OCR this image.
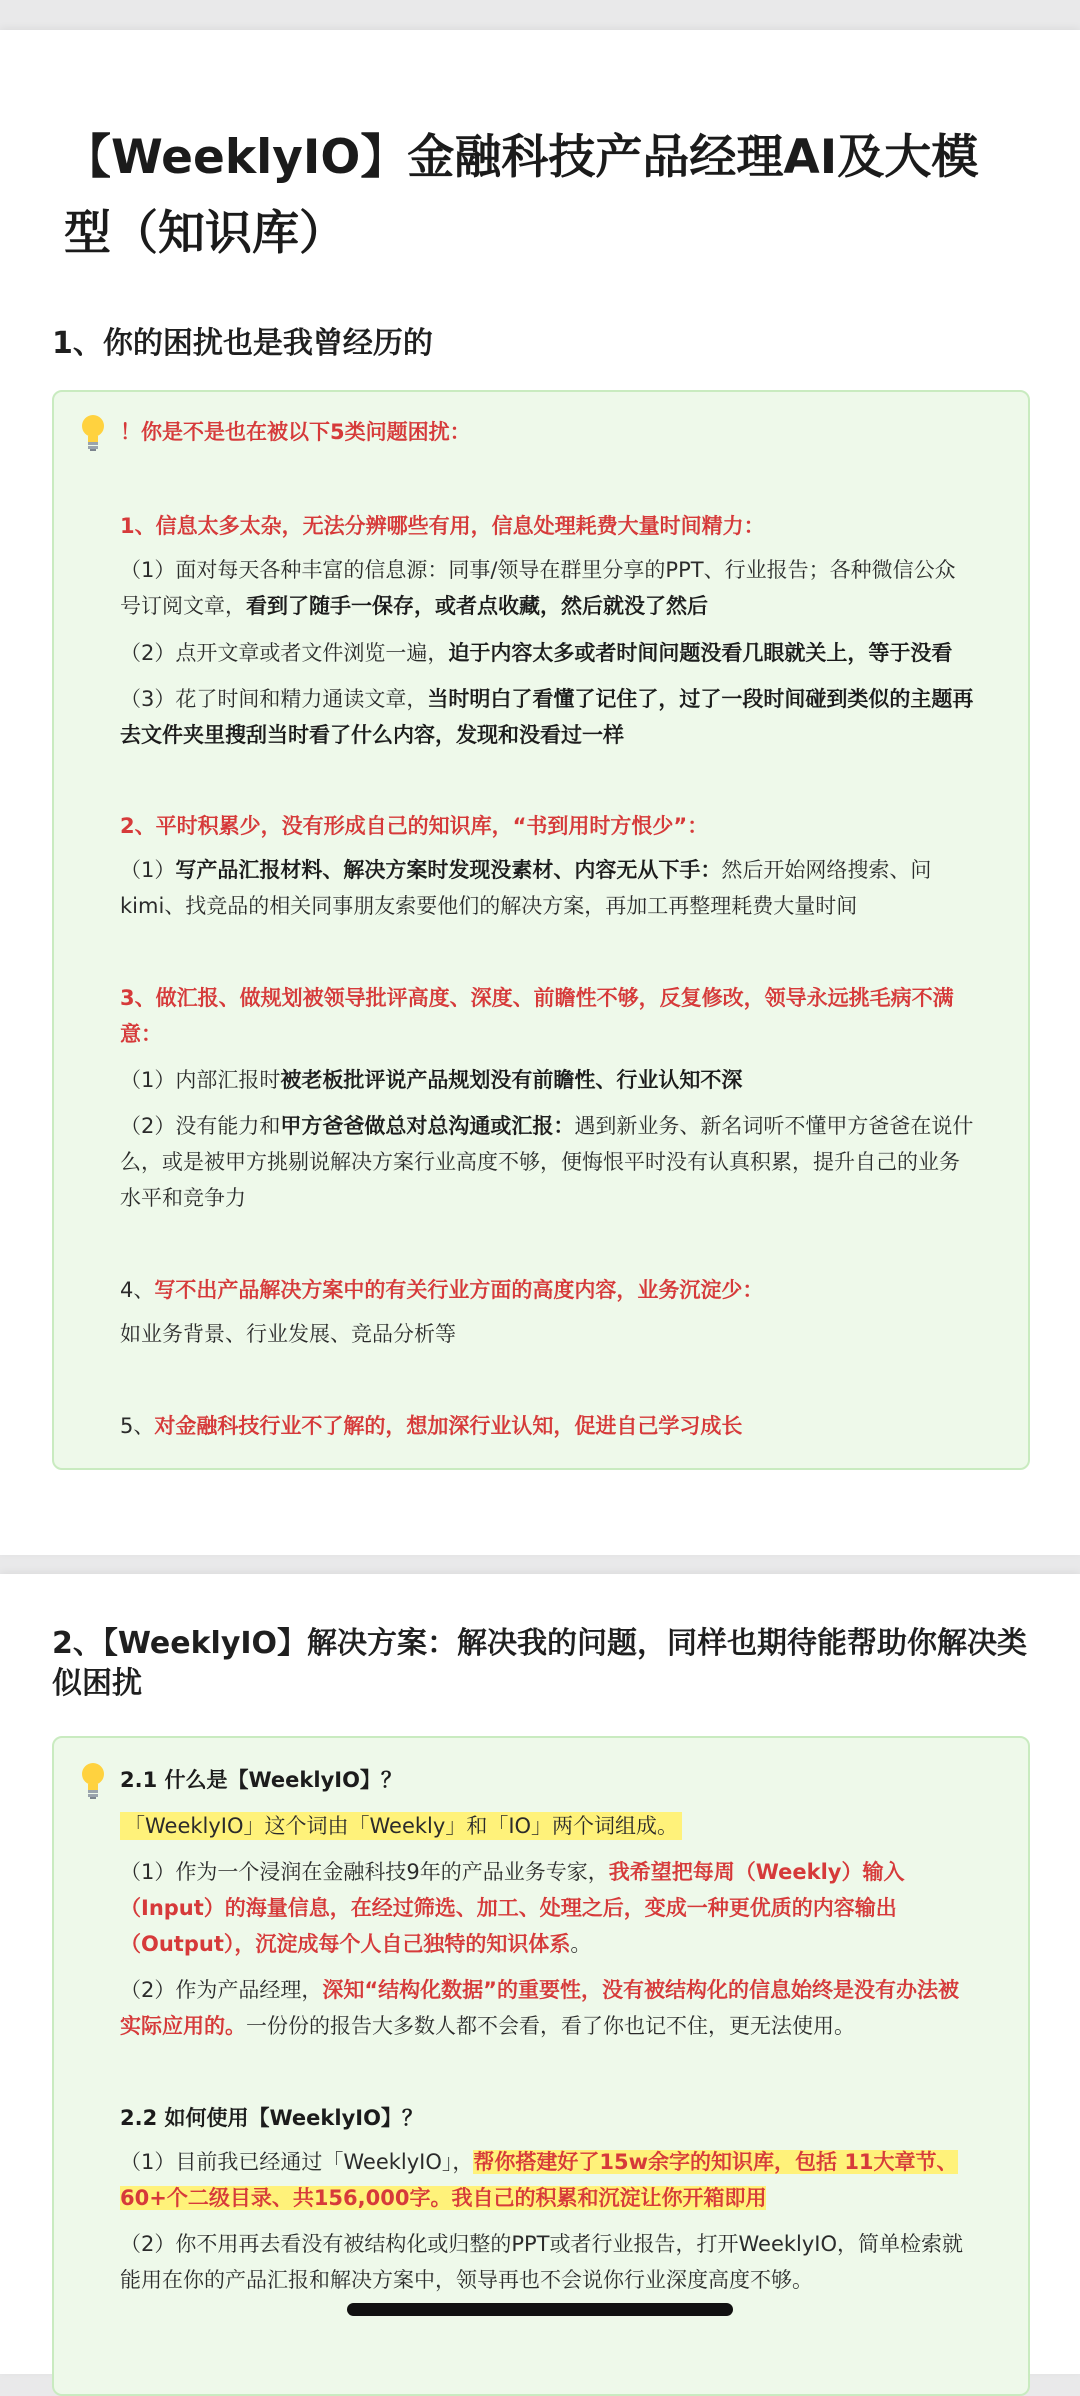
【WeeklyIO】金融科技产品经理AI及大模型（知识库）
1、你的困扰也是我曾经历的
！你是不是也在被以下5类问题困扰：
1、信息太多太杂，无法分辨哪些有用，信息处理耗费大量时间精力：
（1）面对每天各种丰富的信息源：同事/领导在群里分享的PPT、行业报告；各种微信公众
号订阅文章，看到了随手一保存，或者点收藏，然后就没了然后
（2）点开文章或者文件浏览一遍，迫于内容太多或者时间问题没看几眼就关上，等于没看
（3）花了时间和精力通读文章，当时明白了看懂了记住了，过了一段时间碰到类似的主题再
去文件夹里搜刮当时看了什么内容，发现和没看过一样
2、平时积累少，没有形成自己的知识库，“书到用时方恨少”：
（1）写产品汇报材料、解决方案时发现没素材、内容无从下手：然后开始网络搜索、问
kimi、找竞品的相关同事朋友索要他们的解决方案，再加工再整理耗费大量时间
3、做汇报、做规划被领导批评高度、深度、前瞻性不够，反复修改，领导永远挑毛病不满
意：
（1）内部汇报时被老板批评说产品规划没有前瞻性、行业认知不深
（2）没有能力和甲方爸爸做总对总沟通或汇报：遇到新业务、新名词听不懂甲方爸爸在说什
么，或是被甲方挑剔说解决方案行业高度不够，便悔恨平时没有认真积累，提升自己的业务
水平和竞争力
4、写不出产品解决方案中的有关行业方面的高度内容，业务沉淀少：
如业务背景、行业发展、竞品分析等
5、对金融科技行业不了解的，想加深行业认知，促进自己学习成长
2、【WeeklyIO】解决方案：解决我的问题，同样也期待能帮助你解决类
似困扰
2.1 什么是【WeeklyIO】？
「WeeklyIO」这个词由「Weekly」和「IO」两个词组成。
（1）作为一个浸润在金融科技9年的产品业务专家，我希望把每周（Weekly）输入
（Input）的海量信息，在经过筛选、加工、处理之后，变成一种更优质的内容输出
（Output），沉淀成每个人自己独特的知识体系。
（2）作为产品经理，深知“结构化数据”的重要性，没有被结构化的信息始终是没有办法被
实际应用的。一份份的报告大多数人都不会看，看了你也记不住，更无法使用。
2.2 如何使用【WeeklyIO】？
（1）目前我已经通过「WeeklyIO」，帮你搭建好了15w余字的知识库，包括 11大章节、
60+个二级目录、共156,000字。我自己的积累和沉淀让你开箱即用
（2）你不用再去看没有被结构化或归整的PPT或者行业报告，打开WeeklyIO，简单检索就
能用在你的产品汇报和解决方案中，领导再也不会说你行业深度高度不够。
